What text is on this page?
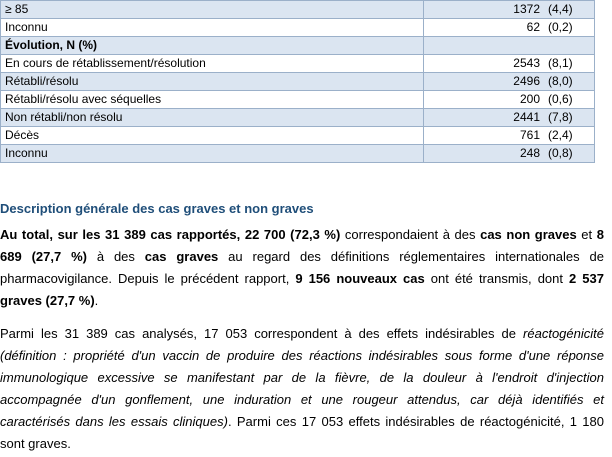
≥ 85	1372 (4,4)
Inconnu	62 (0,2)
Évolution, N (%)	
En cours de rétablissement/résolution	2543 (8,1)
Rétabli/résolu	2496 (8,0)
Rétabli/résolu avec séquelles	200 (0,6)
Non rétabli/non résolu	2441 (7,8)
Décès	761 (2,4)
Inconnu	248 (0,8)
Description générale des cas graves et non graves

Au total, sur les 31 389 cas rapportés, 22 700 (72,3 %) correspondaient à des cas non graves et 8 689 (27,7 %) à des cas graves au regard des définitions réglementaires internationales de pharmacovigilance. Depuis le précédent rapport, 9 156 nouveaux cas ont été transmis, dont 2 537 graves (27,7 %).

Parmi les 31 389 cas analysés, 17 053 correspondent à des effets indésirables de réactogénicité (définition : propriété d'un vaccin de produire des réactions indésirables sous forme d'une réponse immunologique excessive se manifestant par de la fièvre, de la douleur à l'endroit d'injection accompagnée d'un gonflement, une induration et une rougeur attendus, car déjà identifiés et caractérisés dans les essais cliniques). Parmi ces 17 053 effets indésirables de réactogénicité, 1 180 sont graves.
